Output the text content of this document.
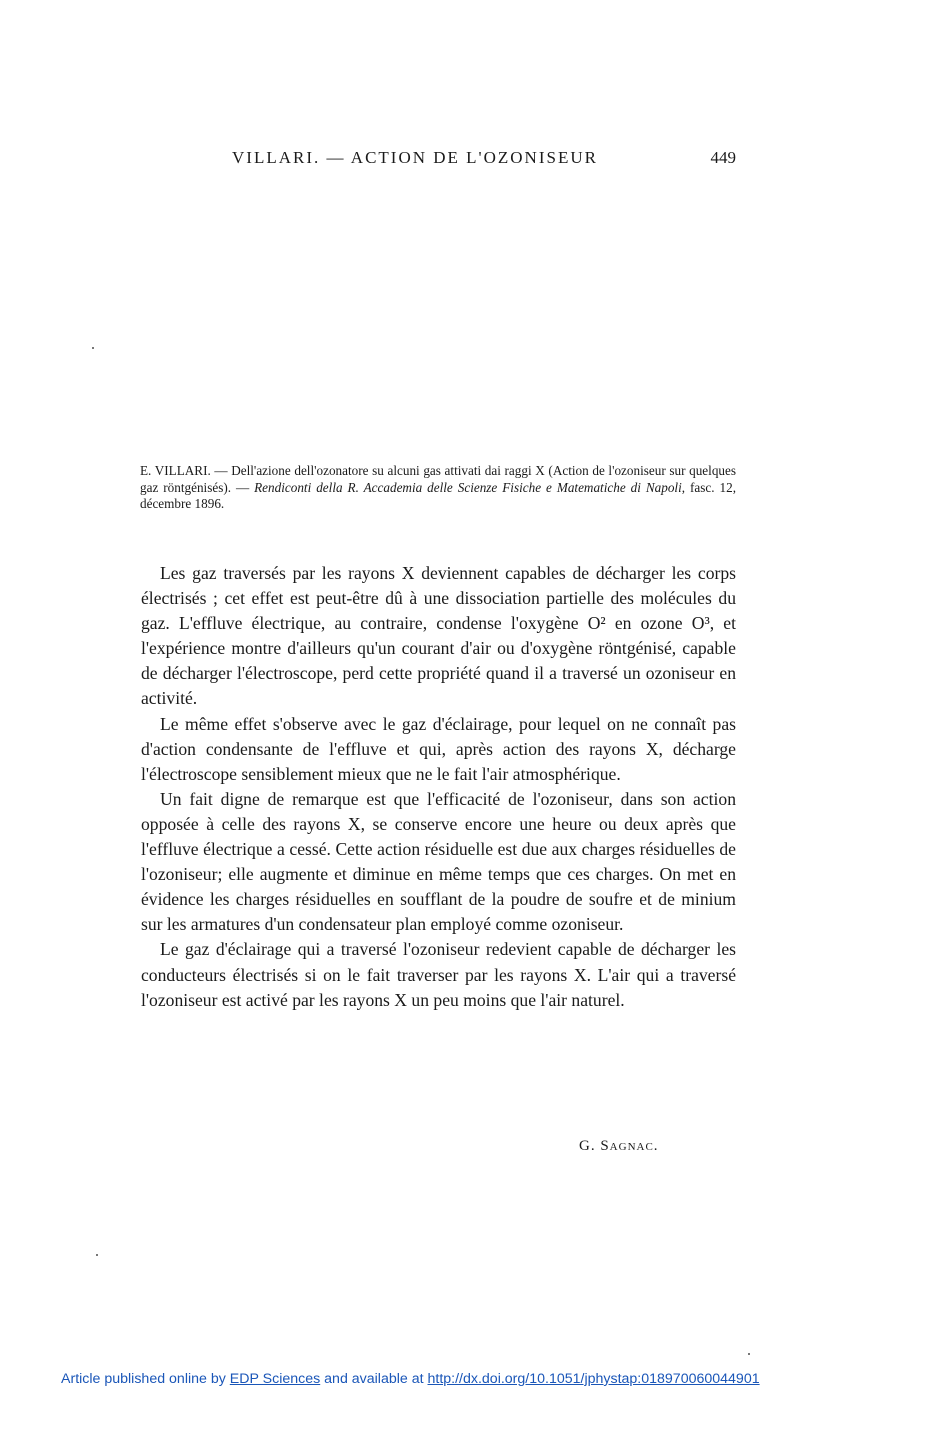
VILLARI. — ACTION DE L'OZONISEUR	449
E. VILLARI. — Dell'azione dell'ozonatore su alcuni gas attivati dai raggi X (Action de l'ozoniseur sur quelques gaz röntgénisés). — Rendiconti della R. Accademia delle Scienze Fisiche e Matematiche di Napoli, fasc. 12, décembre 1896.

Les gaz traversés par les rayons X deviennent capables de décharger les corps électrisés ; cet effet est peut-être dû à une dissociation partielle des molécules du gaz. L'effluve électrique, au contraire, condense l'oxygène O² en ozone O³, et l'expérience montre d'ailleurs qu'un courant d'air ou d'oxygène röntgénisé, capable de décharger l'électroscope, perd cette propriété quand il a traversé un ozoniseur en activité.

Le même effet s'observe avec le gaz d'éclairage, pour lequel on ne connaît pas d'action condensante de l'effluve et qui, après action des rayons X, décharge l'électroscope sensiblement mieux que ne le fait l'air atmosphérique.

Un fait digne de remarque est que l'efficacité de l'ozoniseur, dans son action opposée à celle des rayons X, se conserve encore une heure ou deux après que l'effluve électrique a cessé. Cette action résiduelle est due aux charges résiduelles de l'ozoniseur; elle augmente et diminue en même temps que ces charges. On met en évidence les charges résiduelles en soufflant de la poudre de soufre et de minium sur les armatures d'un condensateur plan employé comme ozoniseur.

Le gaz d'éclairage qui a traversé l'ozoniseur redevient capable de décharger les conducteurs électrisés si on le fait traverser par les rayons X. L'air qui a traversé l'ozoniseur est activé par les rayons X un peu moins que l'air naturel.

G. Sagnac.
Article published online by EDP Sciences and available at http://dx.doi.org/10.1051/jphystap:018970060044901
